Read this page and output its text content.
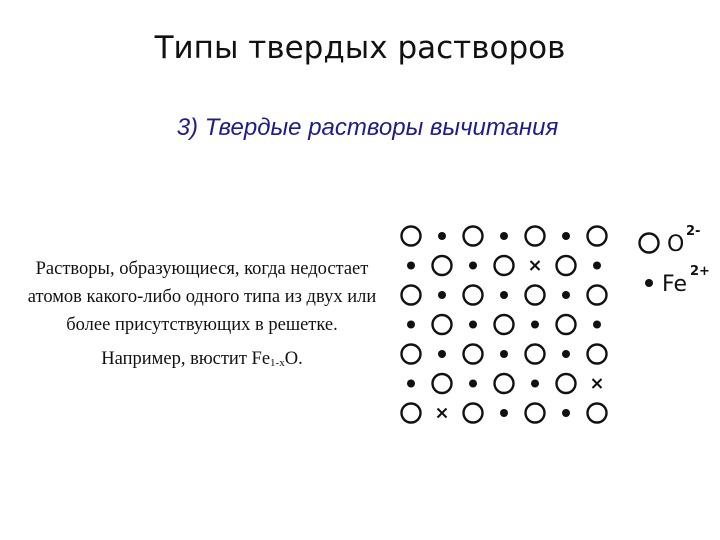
Типы твердых растворов
3) Твердые растворы вычитания

Растворы, образующиеся, когда недостает атомов какого-либо одного типа из двух или более присутствующих в решетке.

Например, вюстит $Fe_{1-x}O$.

O
2-
Fe
2+
